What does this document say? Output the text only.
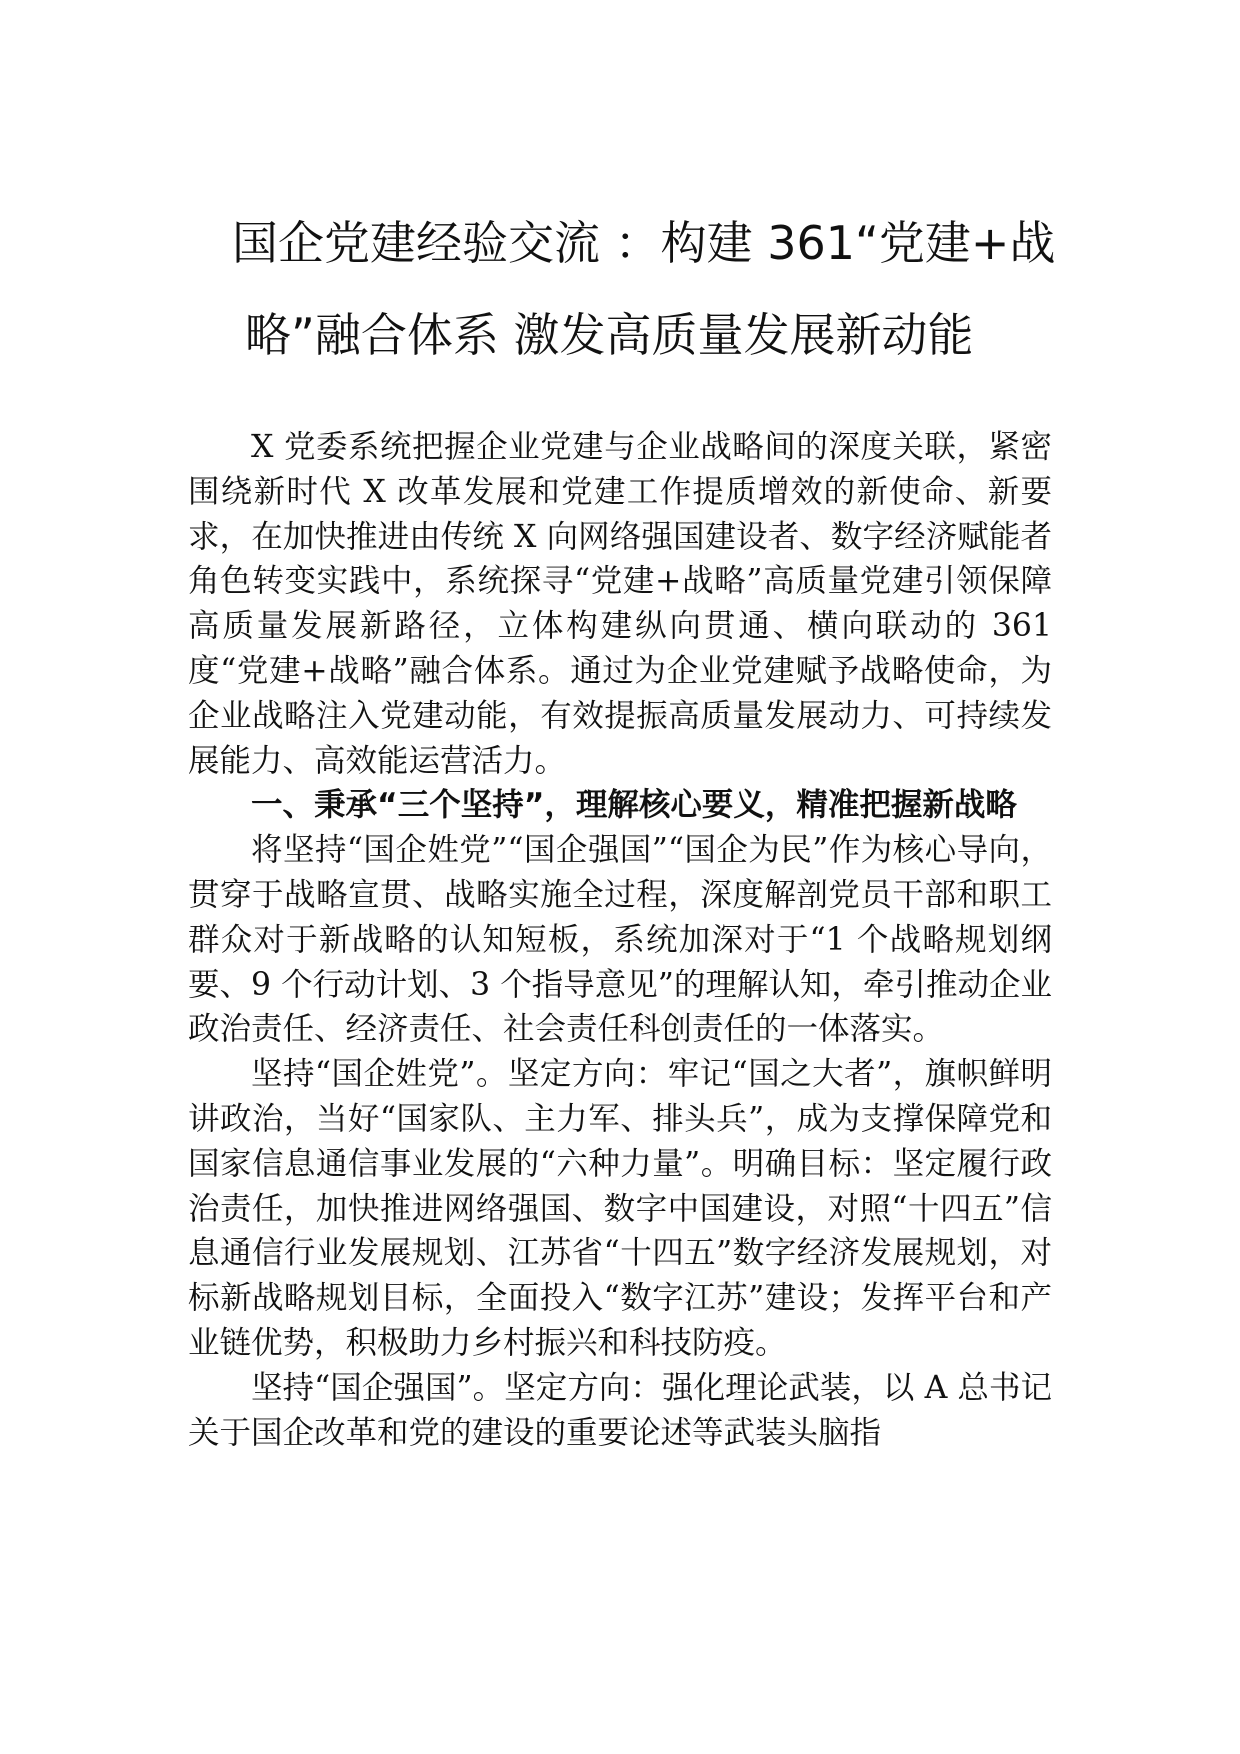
国企党建经验交流 ：构建 361“党建+战
略”融合体系 激发高质量发展新动能

X 党委系统把握企业党建与企业战略间的深度关联，紧密围绕新时代 X 改革发展和党建工作提质增效的新使命、新要求，在加快推进由传统 X 向网络强国建设者、数字经济赋能者角色转变实践中，系统探寻“党建+战略”高质量党建引领保障高质量发展新路径，立体构建纵向贯通、横向联动的 361 度“党建+战略”融合体系。通过为企业党建赋予战略使命，为企业战略注入党建动能，有效提振高质量发展动力、可持续发展能力、高效能运营活力。

一、秉承“三个坚持”，理解核心要义，精准把握新战略

将坚持“国企姓党”“国企强国”“国企为民”作为核心导向，贯穿于战略宣贯、战略实施全过程，深度解剖党员干部和职工群众对于新战略的认知短板，系统加深对于“1 个战略规划纲要、9 个行动计划、3 个指导意见”的理解认知，牵引推动企业政治责任、经济责任、社会责任科创责任的一体落实。

坚持“国企姓党”。坚定方向：牢记“国之大者”，旗帜鲜明讲政治，当好“国家队、主力军、排头兵”，成为支撑保障党和国家信息通信事业发展的“六种力量”。明确目标：坚定履行政治责任，加快推进网络强国、数字中国建设，对照“十四五”信息通信行业发展规划、江苏省“十四五”数字经济发展规划，对标新战略规划目标，全面投入“数字江苏”建设；发挥平台和产业链优势，积极助力乡村振兴和科技防疫。

坚持“国企强国”。坚定方向：强化理论武装，以 A 总书记关于国企改革和党的建设的重要论述等武装头脑指
